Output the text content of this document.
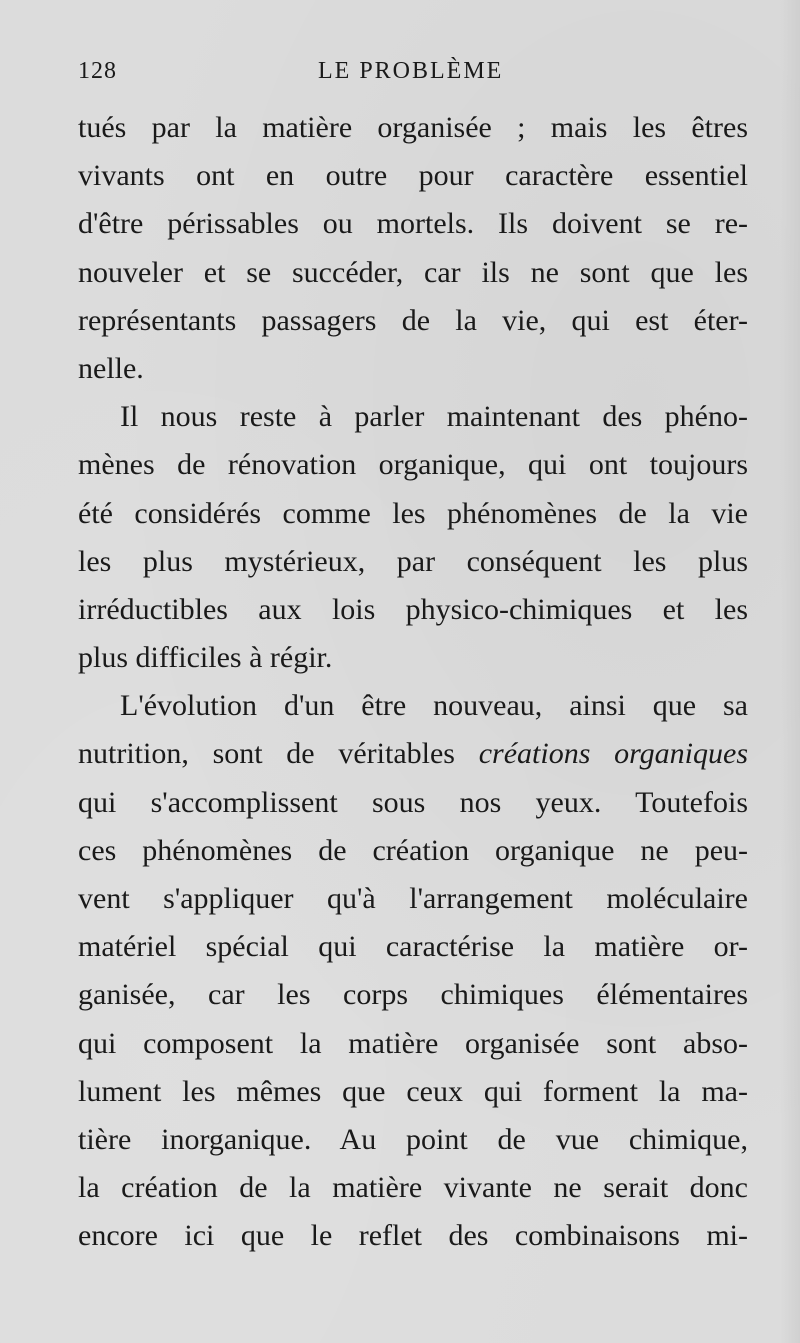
128	LE PROBLÈME
tués par la matière organisée ; mais les êtres
vivants ont en outre pour caractère essentiel
d'être périssables ou mortels. Ils doivent se re-
nouveler et se succéder, car ils ne sont que les
représentants passagers de la vie, qui est éter-
nelle.
Il nous reste à parler maintenant des phéno-
mènes de rénovation organique, qui ont toujours
été considérés comme les phénomènes de la vie
les plus mystérieux, par conséquent les plus
irréductibles aux lois physico-chimiques et les
plus difficiles à régir.
L'évolution d'un être nouveau, ainsi que sa
nutrition, sont de véritables créations organiques
qui s'accomplissent sous nos yeux. Toutefois
ces phénomènes de création organique ne peu-
vent s'appliquer qu'à l'arrangement moléculaire
matériel spécial qui caractérise la matière or-
ganisée, car les corps chimiques élémentaires
qui composent la matière organisée sont abso-
lument les mêmes que ceux qui forment la ma-
tière inorganique. Au point de vue chimique,
la création de la matière vivante ne serait donc
encore ici que le reflet des combinaisons mi-
